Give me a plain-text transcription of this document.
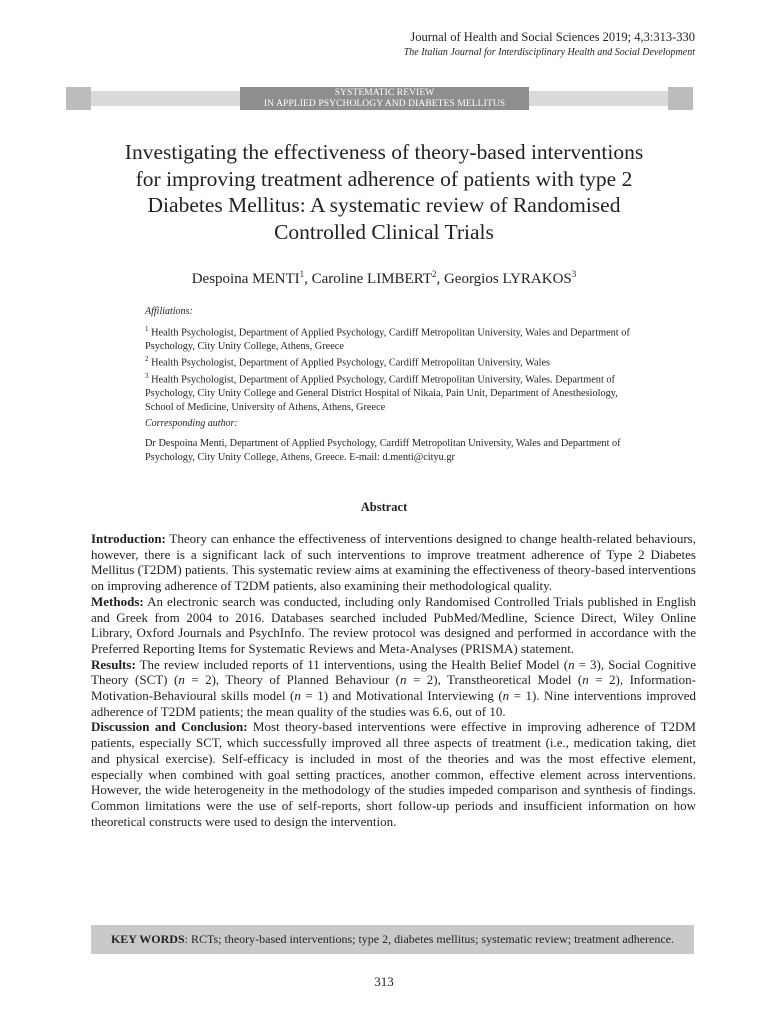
Journal of Health and Social Sciences 2019; 4,3:313-330
The Italian Journal for Interdisciplinary Health and Social Development
SYSTEMATIC REVIEW
IN APPLIED PSYCHOLOGY AND DIABETES MELLITUS
Investigating the effectiveness of theory-based interventions for improving treatment adherence of patients with type 2 Diabetes Mellitus: A systematic review of Randomised Controlled Clinical Trials
Despoina MENTI$^1$, Caroline LIMBERT$^2$, Georgios LYRAKOS$^3$
Affiliations:
$^1$ Health Psychologist, Department of Applied Psychology, Cardiff Metropolitan University, Wales and Department of Psychology, City Unity College, Athens, Greece
$^2$ Health Psychologist, Department of Applied Psychology, Cardiff Metropolitan University, Wales
$^3$ Health Psychologist, Department of Applied Psychology, Cardiff Metropolitan University, Wales. Department of Psychology, City Unity College and General District Hospital of Nikaia, Pain Unit, Department of Anesthesiology, School of Medicine, University of Athens, Athens, Greece
Corresponding author:
Dr Despoina Menti, Department of Applied Psychology, Cardiff Metropolitan University, Wales and Department of Psychology, City Unity College, Athens, Greece. E-mail: d.menti@cityu.gr
Abstract

Introduction: Theory can enhance the effectiveness of interventions designed to change health-related behaviours, however, there is a significant lack of such interventions to improve treatment adherence of Type 2 Diabetes Mellitus (T2DM) patients. This systematic review aims at examining the effectiveness of theory-based interventions on improving adherence of T2DM patients, also examining their methodological quality.

Methods: An electronic search was conducted, including only Randomised Controlled Trials published in English and Greek from 2004 to 2016. Databases searched included PubMed/Medline, Science Direct, Wiley Online Library, Oxford Journals and PsychInfo. The review protocol was designed and performed in accordance with the Preferred Reporting Items for Systematic Reviews and Meta-Analyses (PRISMA) statement.

Results: The review included reports of 11 interventions, using the Health Belief Model (n = 3), Social Cognitive Theory (SCT) (n = 2), Theory of Planned Behaviour (n = 2), Transtheoretical Model (n = 2), Information-Motivation-Behavioural skills model (n = 1) and Motivational Interviewing (n = 1). Nine interventions improved adherence of T2DM patients; the mean quality of the studies was 6.6, out of 10.

Discussion and Conclusion: Most theory-based interventions were effective in improving adherence of T2DM patients, especially SCT, which successfully improved all three aspects of treatment (i.e., medication taking, diet and physical exercise). Self-efficacy is included in most of the theories and was the most effective element, especially when combined with goal setting practices, another common, effective element across interventions. However, the wide heterogeneity in the methodology of the studies impeded comparison and synthesis of findings. Common limitations were the use of self-reports, short follow-up periods and insufficient information on how theoretical constructs were used to design the intervention.

KEY WORDS: RCTs; theory-based interventions; type 2, diabetes mellitus; systematic review; treatment adherence.
313
